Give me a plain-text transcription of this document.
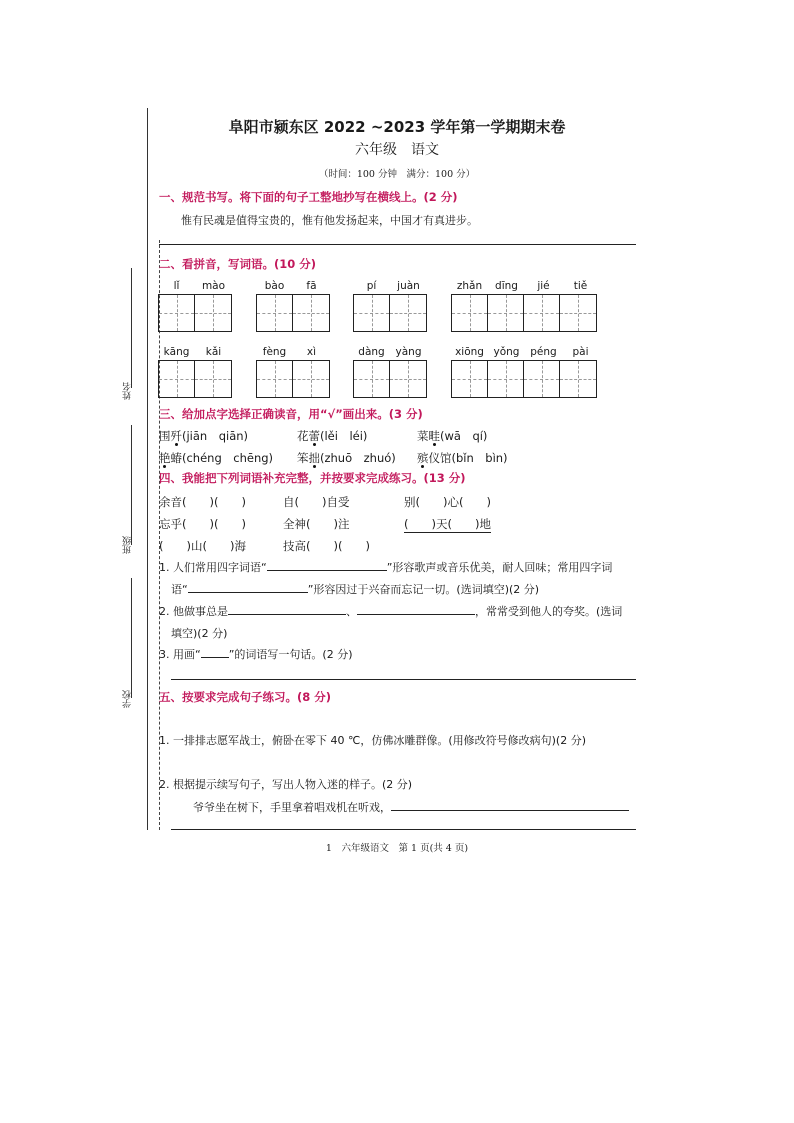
姓名
班级
学校
阜阳市颍东区 2022 ~2023 学年第一学期期末卷
六年级　语文
（时间：100 分钟　满分：100 分）
一、规范书写。将下面的句子工整地抄写在横线上。(2 分)
惟有民魂是值得宝贵的，惟有他发扬起来，中国才有真进步。
二、看拼音，写词语。(10 分)
lǐ	mào	bào	fā	pí	juàn	zhǎn	dīng	jié	tiě
kāng	kǎi	fèng	xì	dàng	yàng	xiōng yǒng	péng	pài
三、给加点字选择正确读音，用“√”画出来。(3 分)
围歼(jiān　qiān)	花蕾(lěi　léi)	菜畦(wā　qí)
艳蝽(chéng　chēng) 笨拙(zhuō　zhuó) 殡仪馆(bǐn　bìn)
四、我能把下列词语补充完整，并按要求完成练习。(13 分)
余音(　　)(　　)	自(　　)自受	别(　　)心(　　)
忘乎(　　)(　　)	全神(　　)注	(　　)天(　　)地
(　　)山(　　)海	技高(　　)(　　)
1. 人们常用四字词语“	”形容歌声或音乐优美，耐人回味；常用四字词
语“	”形容因过于兴奋而忘记一切。(选词填空)(2 分)
2. 他做事总是	、	，常常受到他人的夸奖。(选词
填空)(2 分)
3. 用画“	”的词语写一句话。(2 分)
五、按要求完成句子练习。(8 分)
1. 一排排志愿军战士，俯卧在零下 40 ℃，仿佛冰雕群像。(用修改符号修改病句)(2 分)
2. 根据提示续写句子，写出人物入迷的样子。(2 分)
爷爷坐在树下，手里拿着唱戏机在听戏，
1　 六年级语文　第 1 页(共 4 页)
